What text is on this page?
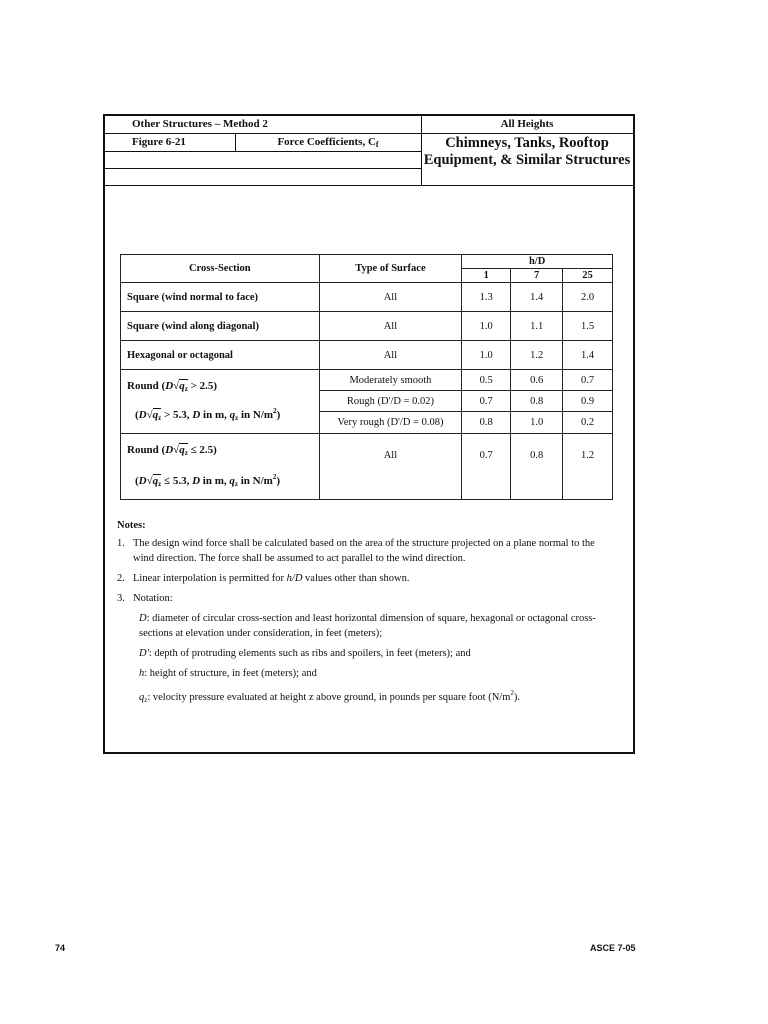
Other Structures – Method 2	All Heights
Figure 6-21	Force Coefficients, Cf	Chimneys, Tanks, Rooftop
Equipment, & Similar Structures
Cross-Section	Type of Surface	h/D		
		1	7	25
Square (wind normal to face)	All	1.3	1.4	2.0
Square (wind along diagonal)	All	1.0	1.1	1.5
Hexagonal or octagonal	All	1.0	1.2	1.4

Round $(D√q_z > 2.5)$
($D√q_z > 5.3$, D in m, $q_z$ in $N/m^2$)	Moderately smooth	0.5	0.6	0.7
	Rough (D'/D = 0.02)	0.7	0.8	0.9
	Very rough (D'/D = 0.08)	0.8	1.0	0.2

Round $(D√q_z \le 2.5)$
($D√q_z \le 5.3$, D in m, $q_z$ in $N/m^2$)	All	0.7	0.8	1.2
Notes:
1. The design wind force shall be calculated based on the area of the structure projected on a plane normal to the wind direction. The force shall be assumed to act parallel to the wind direction.
2. Linear interpolation is permitted for h/D values other than shown.
3. Notation:
D: diameter of circular cross-section and least horizontal dimension of square, hexagonal or octagonal cross-sections at elevation under consideration, in feet (meters);
D': depth of protruding elements such as ribs and spoilers, in feet (meters); and
h: height of structure, in feet (meters); and
$q_z$: velocity pressure evaluated at height z above ground, in pounds per square foot $(N/m^2)$.
74	ASCE 7-05
